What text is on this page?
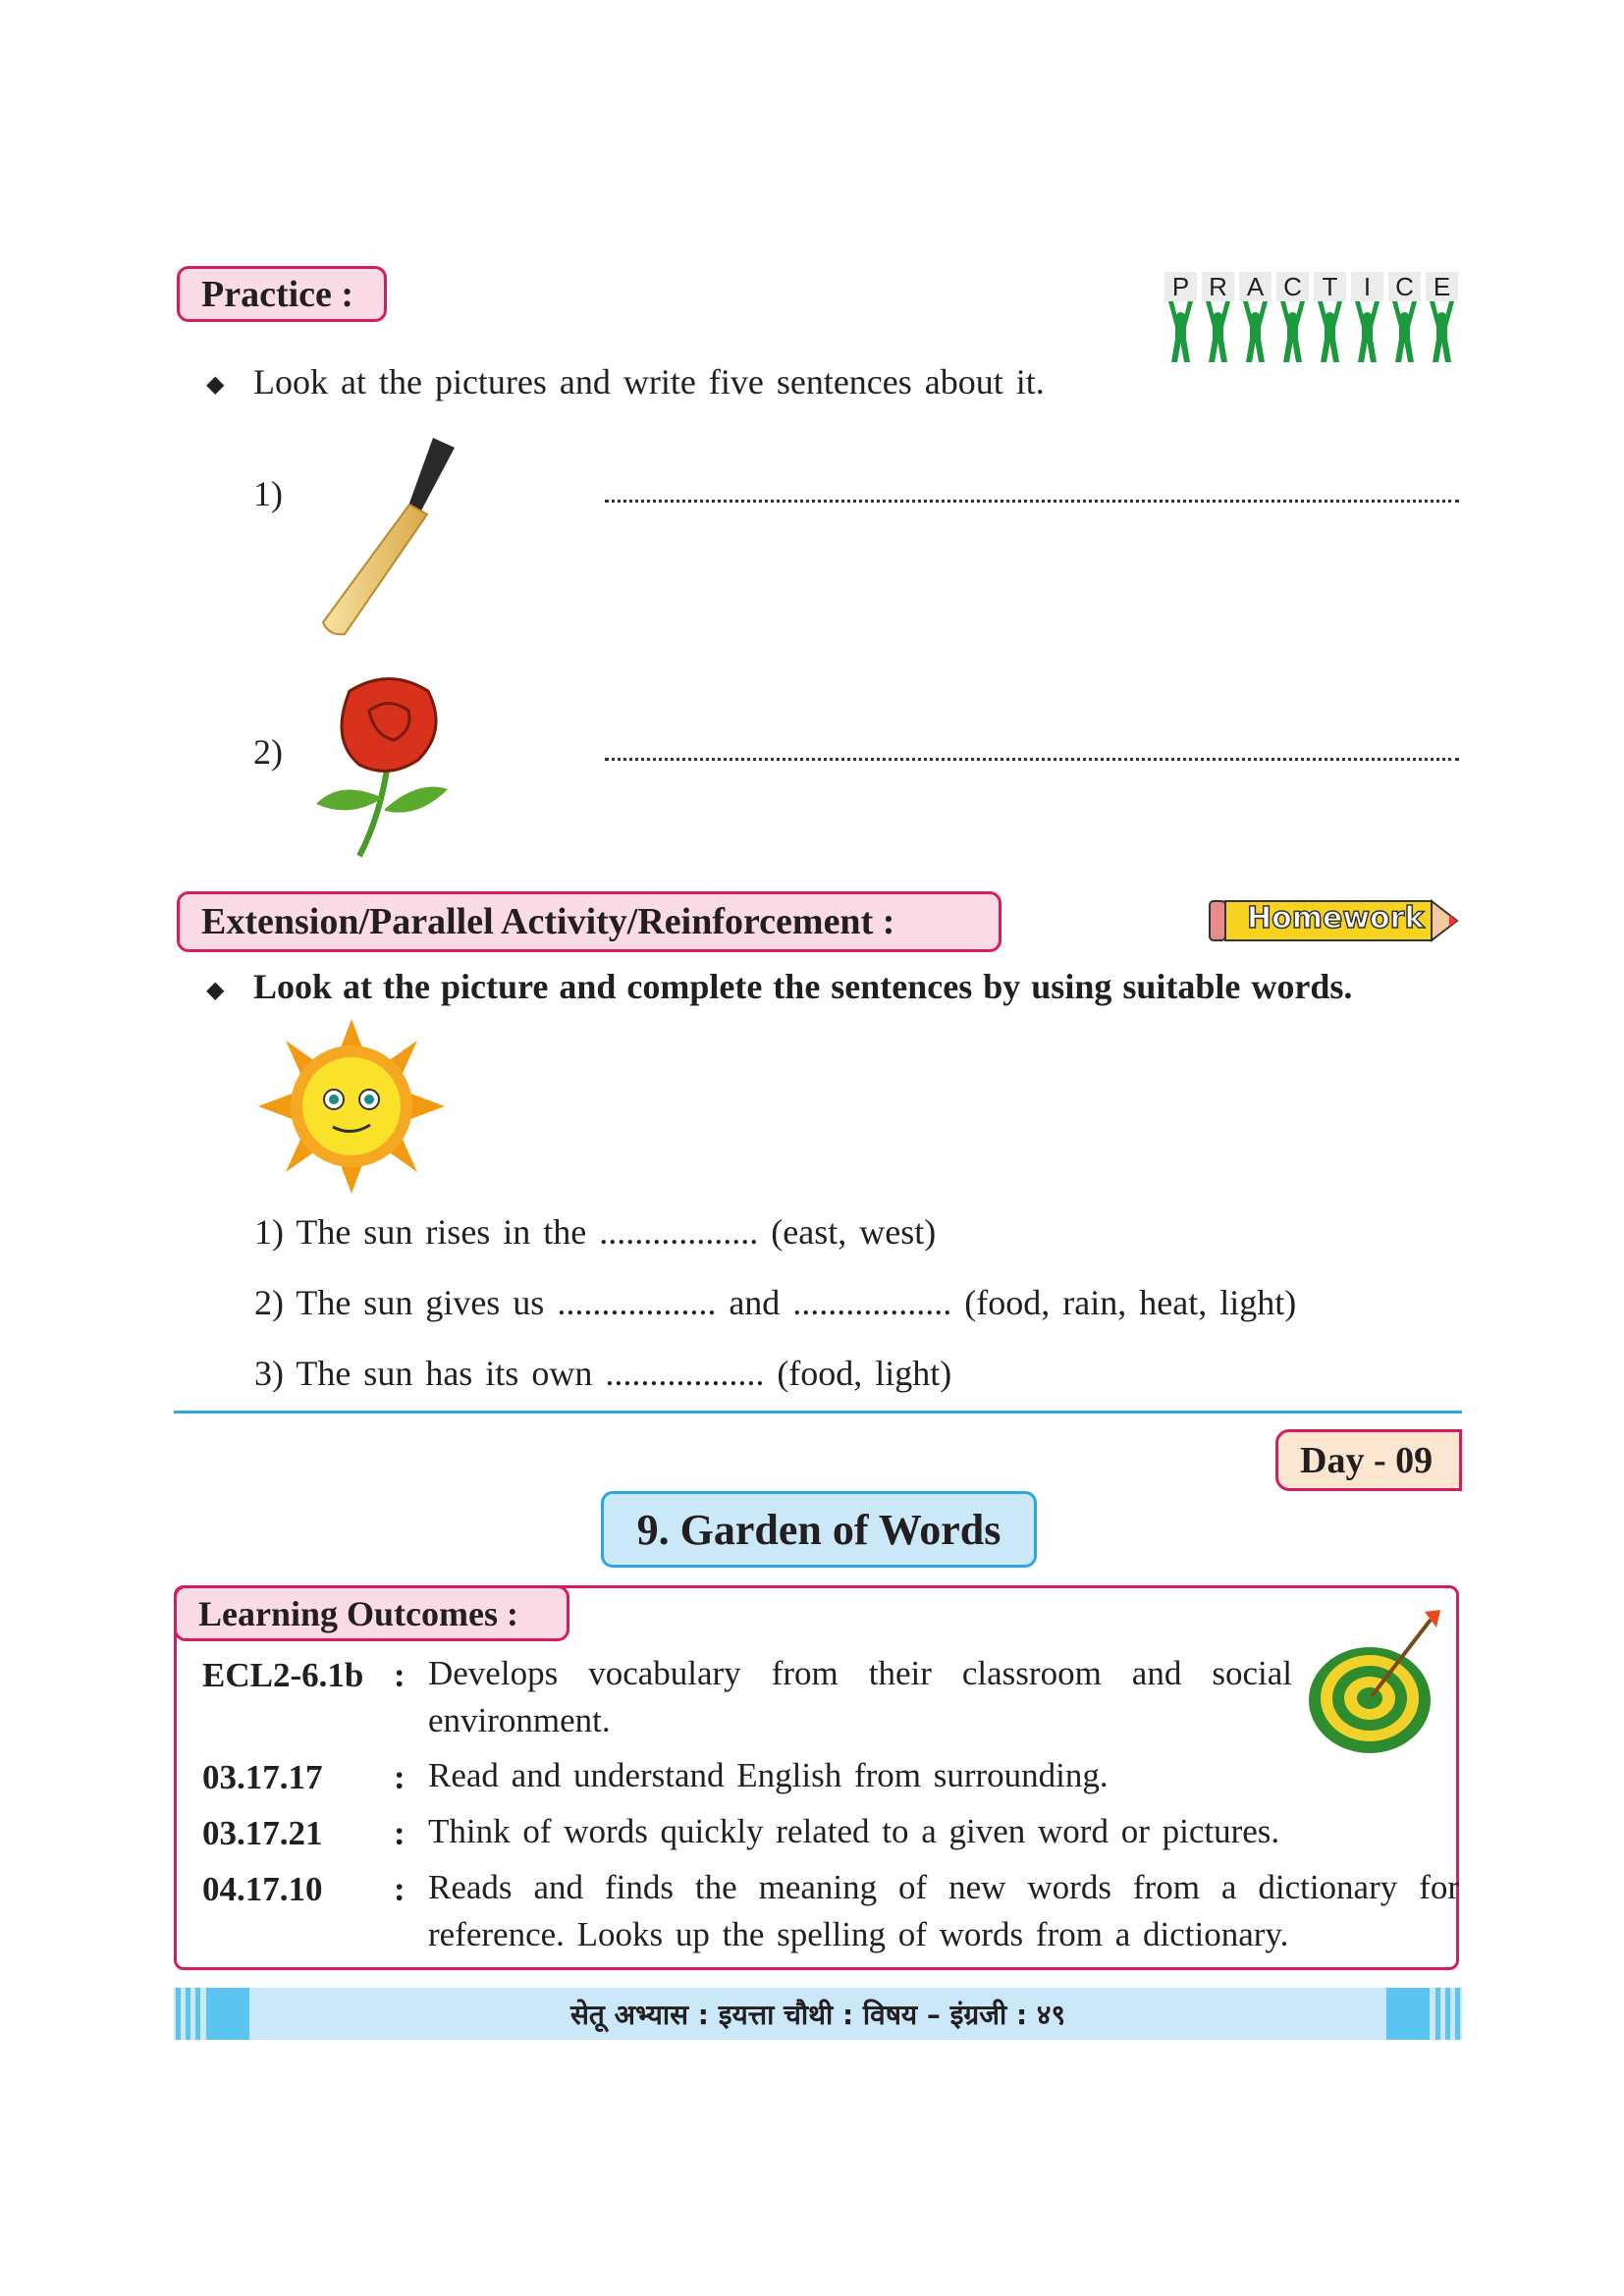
Practice :	P R A C T	I C E
◆ Look at the pictures and write five sentences about it.
1)
2)
Extension/Parallel Activity/Reinforcement :	Homework
◆ Look at the picture and complete the sentences by using suitable words.
1) The sun rises in the .................. (east, west)
2) The sun gives us .................. and .................. (food, rain, heat, light)
3) The sun has its own .................. (food, light)
Day - 09
9. Garden of Words
Learning Outcomes :
ECL2-6.1b : Develops vocabulary from their classroom and social environment.
03.17.17 : Read and understand English from surrounding.
03.17.21 : Think of words quickly related to a given word or pictures.
04.17.10 : Reads and finds the meaning of new words from a dictionary for reference. Looks up the spelling of words from a dictionary.
सेतू अभ्यास : इयत्ता चौथी : विषय – इंग्रजी : ४९
